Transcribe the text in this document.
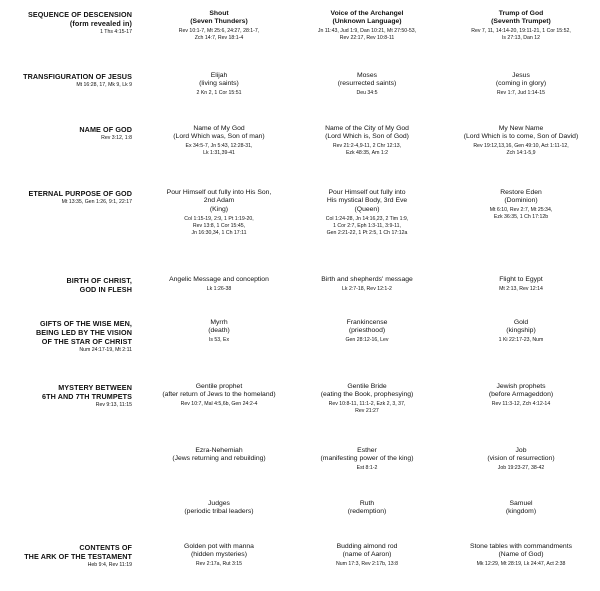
SEQUENCE OF DESCENSION
(form revealed in)
1 Ths 4:15-17
Shout
(Seven Thunders)
Rev 10:1-7, Mt 25:6, 24:27, 28:1-7,
Zch 14:7, Rev 18:1-4
Voice of the Archangel
(Unknown Language)
Jn 11:43, Jud 1:9, Dan 10:21, Mt 27:50-53,
Rev 22:17, Rev 10:8-11
Trump of God
(Seventh Trumpet)
Rev 7, 11, 14:14-20, 19:11-21, 1 Cor 15:52,
Is 27:13, Dan 12
TRANSFIGURATION OF JESUS
Mt 16:28, 17, Mk 9, Lk 9
Elijah
(living saints)
2 Kn 2, 1 Cor 15:51
Moses
(resurrected saints)
Deu 34:5
Jesus
(coming in glory)
Rev 1:7, Jud 1:14-15
NAME OF GOD
Rev 3:12, 1:8
Name of My God
(Lord Which was, Son of man)
Ex 34:5-7, Jn 5:43, 12:28-31,
Lk 1:31,39-41
Name of the City of My God
(Lord Which is, Son of God)
Rev 21:2-4,9-11, 2 Chr 12:13,
Ezk 48:35, Am 1:2
My New Name
(Lord Which is to come, Son of David)
Rev 19:12,13,16, Gen 49:10, Act 1:11-12,
Zch 14:1-5,9
ETERNAL PURPOSE OF GOD
Mt 13:35, Gen 1:26, 9:1, 22:17
Pour Himself out fully into His Son,
2nd Adam
(King)
Col 1:15-19, 2:9, 1 Pt 1:19-20,
Rev 13:8, 1 Cor 15:45,
Jn 16:30,34, 1 Ch 17:11
Pour Himself out fully into
His mystical Body, 3rd Eve
(Queen)
Col 1:24-28, Jn 14:16,23, 2 Tim 1:9,
1 Cor 2:7, Eph 1:3-11, 3:9-11,
Gen 2:21-22, 1 Pt 2:5, 1 Ch 17:12a
Restore Eden
(Dominion)
Mt 6:10, Rev 2:7, Mt 25:34,
Ezk 36:35, 1 Ch 17:12b
BIRTH OF CHRIST,
GOD IN FLESH
Angelic Message and conception
Lk 1:26-38
Birth and shepherds' message
Lk 2:7-18, Rev 12:1-2
Flight to Egypt
Mt 2:13, Rev 12:14
GIFTS OF THE WISE MEN,
BEING LED BY THE VISION
OF THE STAR OF CHRIST
Num 24:17-19, Mt 2:11
Myrrh
(death)
Is 53, Ex
Frankincense
(priesthood)
Gen 28:12-16, Lev
Gold
(kingship)
1 Ki 22:17-23, Num
MYSTERY BETWEEN
6TH AND 7TH TRUMPETS
Rev 9:13, 11:15
Gentile prophet
(after return of Jews to the homeland)
Rev 10:7, Mal 4:5,6b, Gen 24:2-4
Gentile Bride
(eating the Book, prophesying)
Rev 10:8-11, 11:1-2, Ezk 2, 3, 37,
Rev 21:27
Jewish prophets
(before Armageddon)
Rev 11:3-12, Zch 4:12-14
Ezra-Nehemiah
(Jews returning and rebuilding)
Esther
(manifesting power of the king)
Est 8:1-2
Job
(vision of resurrection)
Job 19:23-27, 38-42
Judges
(periodic tribal leaders)
Ruth
(redemption)
Samuel
(kingdom)
CONTENTS OF
THE ARK OF THE TESTAMENT
Heb 9:4, Rev 11:19
Golden pot with manna
(hidden mysteries)
Rev 2:17a, Rut 3:15
Budding almond rod
(name of Aaron)
Num 17:3, Rev 2:17b, 13:8
Stone tables with commandments
(Name of God)
Mk 12:29, Mt 28:19, Lk 24:47, Act 2:38
